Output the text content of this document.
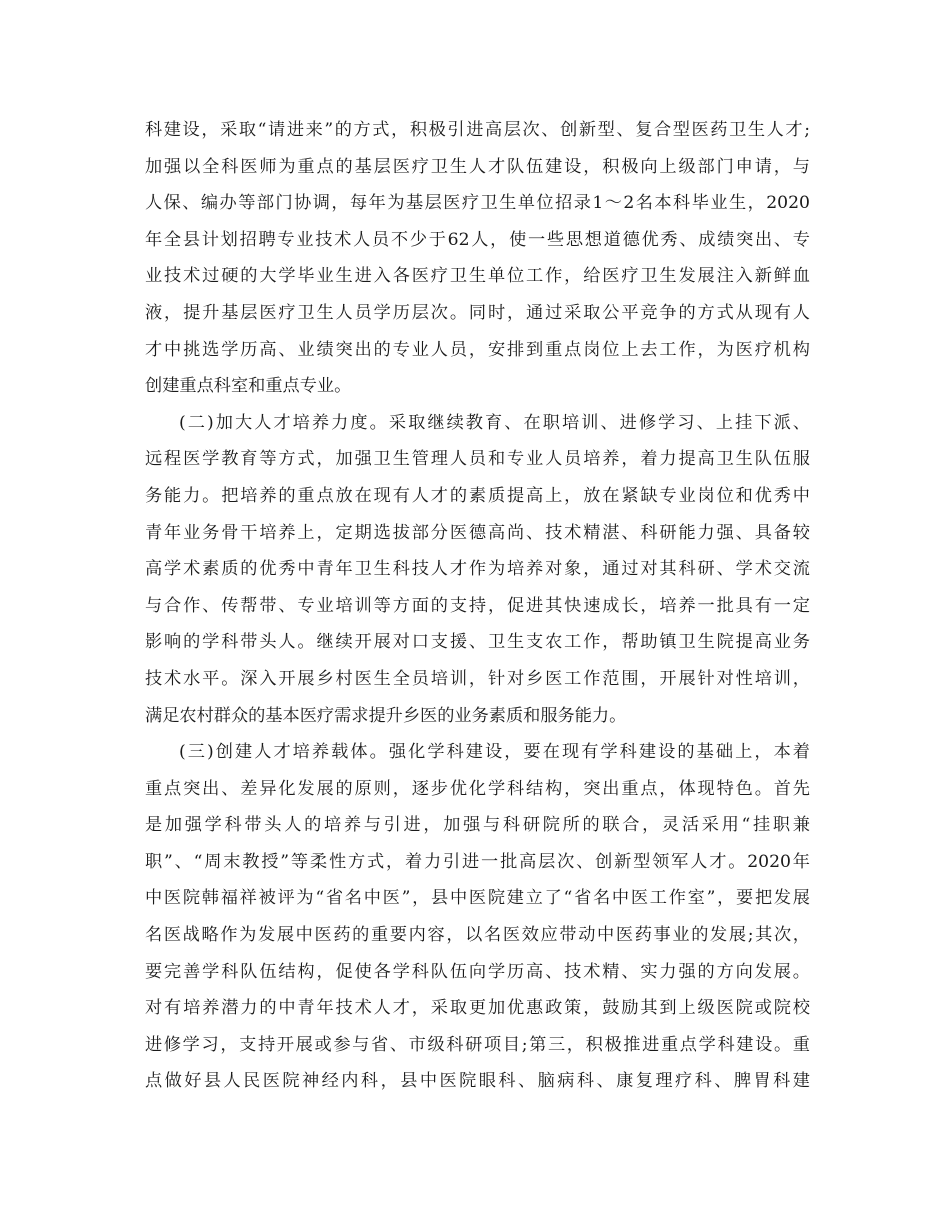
科建设，采取“请进来”的方式，积极引进高层次、创新型、复合型医药卫生人才;
加强以全科医师为重点的基层医疗卫生人才队伍建设，积极向上级部门申请，与
人保、编办等部门协调，每年为基层医疗卫生单位招录1～2名本科毕业生，2020
年全县计划招聘专业技术人员不少于62人，使一些思想道德优秀、成绩突出、专
业技术过硬的大学毕业生进入各医疗卫生单位工作，给医疗卫生发展注入新鲜血
液，提升基层医疗卫生人员学历层次。同时，通过采取公平竞争的方式从现有人
才中挑选学历高、业绩突出的专业人员，安排到重点岗位上去工作，为医疗机构
创建重点科室和重点专业。
(二)加大人才培养力度。采取继续教育、在职培训、进修学习、上挂下派、
远程医学教育等方式，加强卫生管理人员和专业人员培养，着力提高卫生队伍服
务能力。把培养的重点放在现有人才的素质提高上，放在紧缺专业岗位和优秀中
青年业务骨干培养上，定期选拔部分医德高尚、技术精湛、科研能力强、具备较
高学术素质的优秀中青年卫生科技人才作为培养对象，通过对其科研、学术交流
与合作、传帮带、专业培训等方面的支持，促进其快速成长，培养一批具有一定
影响的学科带头人。继续开展对口支援、卫生支农工作，帮助镇卫生院提高业务
技术水平。深入开展乡村医生全员培训，针对乡医工作范围，开展针对性培训，
满足农村群众的基本医疗需求提升乡医的业务素质和服务能力。
(三)创建人才培养载体。强化学科建设，要在现有学科建设的基础上，本着
重点突出、差异化发展的原则，逐步优化学科结构，突出重点，体现特色。首先
是加强学科带头人的培养与引进，加强与科研院所的联合，灵活采用“挂职兼
职”、“周末教授”等柔性方式，着力引进一批高层次、创新型领军人才。2020年
中医院韩福祥被评为“省名中医”，县中医院建立了“省名中医工作室”，要把发展
名医战略作为发展中医药的重要内容，以名医效应带动中医药事业的发展;其次，
要完善学科队伍结构，促使各学科队伍向学历高、技术精、实力强的方向发展。
对有培养潜力的中青年技术人才，采取更加优惠政策，鼓励其到上级医院或院校
进修学习，支持开展或参与省、市级科研项目;第三，积极推进重点学科建设。重
点做好县人民医院神经内科，县中医院眼科、脑病科、康复理疗科、脾胃科建
